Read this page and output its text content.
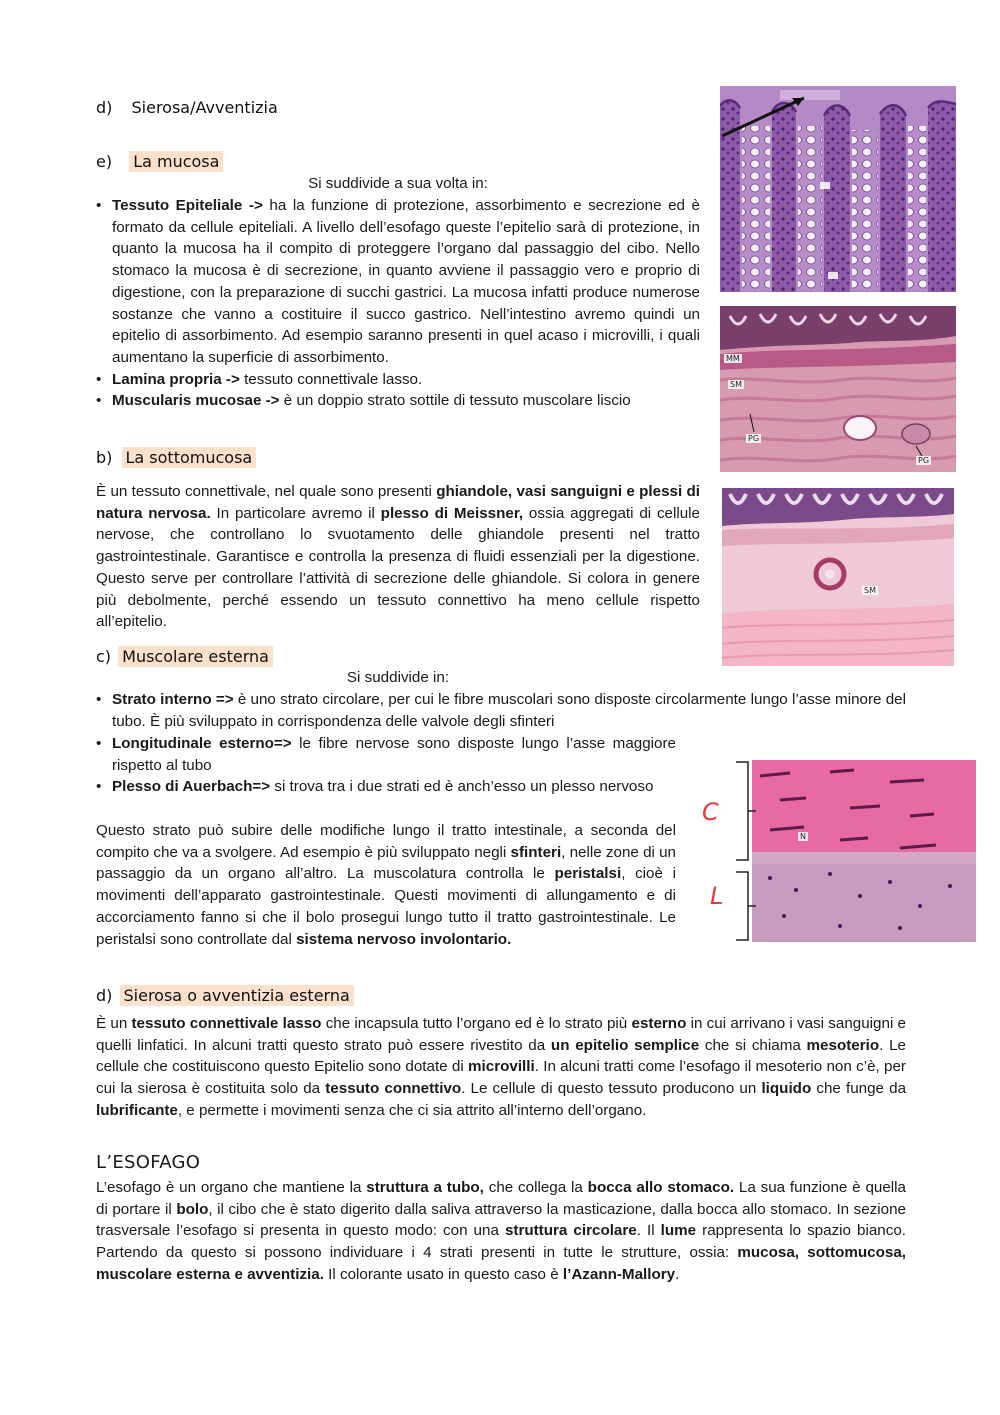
d) Sierosa/Avventizia
e) La mucosa
Si suddivide a sua volta in:
• Tessuto Epiteliale -> ha la funzione di protezione, assorbimento e secrezione ed è formato da cellule epiteliali. A livello dell’esofago queste l’epitelio sarà di protezione, in quanto la mucosa ha il compito di proteggere l’organo dal passaggio del cibo. Nello stomaco la mucosa è di secrezione, in quanto avviene il passaggio vero e proprio di digestione, con la preparazione di succhi gastrici. La mucosa infatti produce numerose sostanze che vanno a costituire il succo gastrico. Nell’intestino avremo quindi un epitelio di assorbimento. Ad esempio saranno presenti in quel acaso i microvilli, i quali aumentano la superficie di assorbimento.
• Lamina propria -> tessuto connettivale lasso.
• Muscularis mucosae -> è un doppio strato sottile di tessuto muscolare liscio
b) La sottomucosa
È un tessuto connettivale, nel quale sono presenti ghiandole, vasi sanguigni e plessi di natura nervosa. In particolare avremo il plesso di Meissner, ossia aggregati di cellule nervose, che controllano lo svuotamento delle ghiandole presenti nel tratto gastrointestinale. Garantisce e controlla la presenza di fluidi essenziali per la digestione. Questo serve per controllare l’attività di secrezione delle ghiandole. Si colora in genere più debolmente, perché essendo un tessuto connettivo ha meno cellule rispetto all’epitelio.
c) Muscolare esterna
Si suddivide in:
• Strato interno => è uno strato circolare, per cui le fibre muscolari sono disposte circolarmente lungo l’asse minore del tubo. È più sviluppato in corrispondenza delle valvole degli sfinteri
• Longitudinale esterno=> le fibre nervose sono disposte lungo l’asse maggiore rispetto al tubo
• Plesso di Auerbach=> si trova tra i due strati ed è anch’esso un plesso nervoso
Questo strato può subire delle modifiche lungo il tratto intestinale, a seconda del compito che va a svolgere. Ad esempio è più sviluppato negli sfinteri, nelle zone di un passaggio da un organo all’altro. La muscolatura controlla le peristalsi, cioè i movimenti dell’apparato gastrointestinale. Questi movimenti di allungamento e di accorciamento fanno si che il bolo prosegui lungo tutto il tratto gastrointestinale. Le peristalsi sono controllate dal sistema nervoso involontario.
d) Sierosa o avventizia esterna
È un tessuto connettivale lasso che incapsula tutto l’organo ed è lo strato più esterno in cui arrivano i vasi sanguigni e quelli linfatici. In alcuni tratti questo strato può essere rivestito da un epitelio semplice che si chiama mesoterio. Le cellule che costituiscono questo Epitelio sono dotate di microvilli. In alcuni tratti come l’esofago il mesoterio non c’è, per cui la sierosa è costituita solo da tessuto connettivo. Le cellule di questo tessuto producono un liquido che funge da lubrificante, e permette i movimenti senza che ci sia attrito all’interno dell’organo.
L’ESOFAGO
L’esofago è un organo che mantiene la struttura a tubo, che collega la bocca allo stomaco. La sua funzione è quella di portare il bolo, il cibo che è stato digerito dalla saliva attraverso la masticazione, dalla bocca allo stomaco. In sezione trasversale l’esofago si presenta in questo modo: con una struttura circolare. Il lume rappresenta lo spazio bianco. Partendo da questo si possono individuare i 4 strati presenti in tutte le strutture, ossia: mucosa, sottomucosa, muscolare esterna e avventizia. Il colorante usato in questo caso è l’Azann-Mallory.
MM
SM
PG
PG
SM
N
C
L
